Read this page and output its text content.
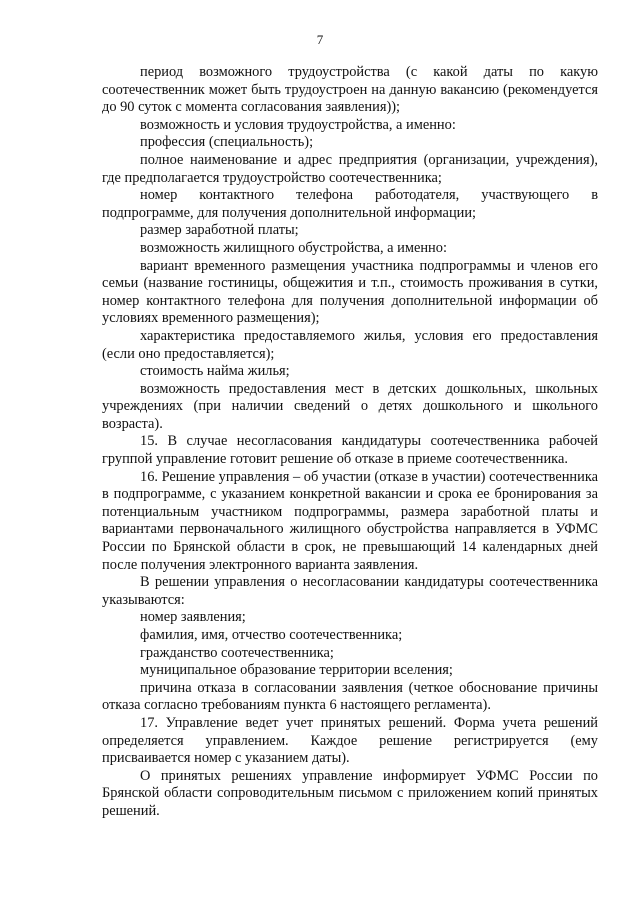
7

период возможного трудоустройства (с какой даты по какую соотечественник может быть трудоустроен на данную вакансию (рекомендуется до 90 суток с момента согласования заявления));

возможность и условия трудоустройства, а именно:

профессия (специальность);

полное наименование и адрес предприятия (организации, учреждения), где предполагается трудоустройство соотечественника;

номер контактного телефона работодателя, участвующего в подпрограмме, для получения дополнительной информации;

размер заработной платы;

возможность жилищного обустройства, а именно:

вариант временного размещения участника подпрограммы и членов его семьи (название гостиницы, общежития и т.п., стоимость проживания в сутки, номер контактного телефона для получения дополнительной информации об условиях временного размещения);

характеристика предоставляемого жилья, условия его предоставления (если оно предоставляется);

стоимость найма жилья;

возможность предоставления мест в детских дошкольных, школьных учреждениях (при наличии сведений о детях дошкольного и школьного возраста).

15. В случае несогласования кандидатуры соотечественника рабочей группой управление готовит решение об отказе в приеме соотечественника.

16. Решение управления – об участии (отказе в участии) соотечественника в подпрограмме, с указанием конкретной вакансии и срока ее бронирования за потенциальным участником подпрограммы, размера заработной платы и вариантами первоначального жилищного обустройства направляется в УФМС России по Брянской области в срок, не превышающий 14 календарных дней после получения электронного варианта заявления.

В решении управления о несогласовании кандидатуры соотечественника указываются:

номер заявления;

фамилия, имя, отчество соотечественника;

гражданство соотечественника;

муниципальное образование территории вселения;

причина отказа в согласовании заявления (четкое обоснование причины отказа согласно требованиям пункта 6 настоящего регламента).

17. Управление ведет учет принятых решений. Форма учета решений определяется управлением. Каждое решение регистрируется (ему присваивается номер с указанием даты).

О принятых решениях управление информирует УФМС России по Брянской области сопроводительным письмом с приложением копий принятых решений.
